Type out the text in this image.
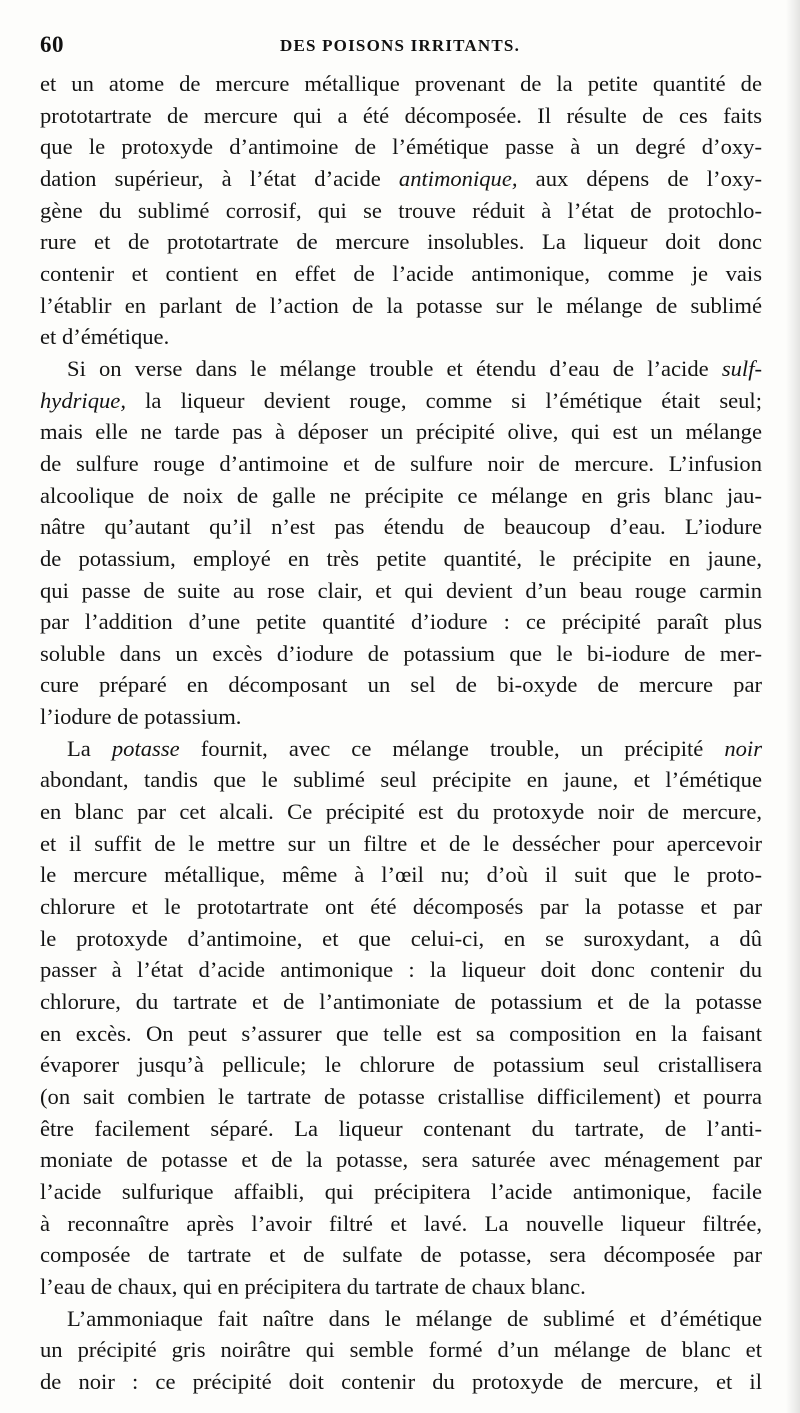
60	DES POISONS IRRITANTS.

et un atome de mercure métallique provenant de la petite quantité de
prototartrate de mercure qui a été décomposée. Il résulte de ces faits
que le protoxyde d’antimoine de l’émétique passe à un degré d’oxy-
dation supérieur, à l’état d’acide antimonique, aux dépens de l’oxy-
gène du sublimé corrosif, qui se trouve réduit à l’état de protochlo-
rure et de prototartrate de mercure insolubles. La liqueur doit donc
contenir et contient en effet de l’acide antimonique, comme je vais
l’établir en parlant de l’action de la potasse sur le mélange de sublimé
et d’émétique.

Si on verse dans le mélange trouble et étendu d’eau de l’acide sulf-
hydrique, la liqueur devient rouge, comme si l’émétique était seul;
mais elle ne tarde pas à déposer un précipité olive, qui est un mélange
de sulfure rouge d’antimoine et de sulfure noir de mercure. L’infusion
alcoolique de noix de galle ne précipite ce mélange en gris blanc jau-
nâtre qu’autant qu’il n’est pas étendu de beaucoup d’eau. L’iodure
de potassium, employé en très petite quantité, le précipite en jaune,
qui passe de suite au rose clair, et qui devient d’un beau rouge carmin
par l’addition d’une petite quantité d’iodure : ce précipité paraît plus
soluble dans un excès d’iodure de potassium que le bi-iodure de mer-
cure préparé en décomposant un sel de bi-oxyde de mercure par
l’iodure de potassium.

La potasse fournit, avec ce mélange trouble, un précipité noir
abondant, tandis que le sublimé seul précipite en jaune, et l’émétique
en blanc par cet alcali. Ce précipité est du protoxyde noir de mercure,
et il suffit de le mettre sur un filtre et de le dessécher pour apercevoir
le mercure métallique, même à l’œil nu; d’où il suit que le proto-
chlorure et le prototartrate ont été décomposés par la potasse et par
le protoxyde d’antimoine, et que celui-ci, en se suroxydant, a dû
passer à l’état d’acide antimonique : la liqueur doit donc contenir du
chlorure, du tartrate et de l’antimoniate de potassium et de la potasse
en excès. On peut s’assurer que telle est sa composition en la faisant
évaporer jusqu’à pellicule; le chlorure de potassium seul cristallisera
(on sait combien le tartrate de potasse cristallise difficilement) et pourra
être facilement séparé. La liqueur contenant du tartrate, de l’anti-
moniate de potasse et de la potasse, sera saturée avec ménagement par
l’acide sulfurique affaibli, qui précipitera l’acide antimonique, facile
à reconnaître après l’avoir filtré et lavé. La nouvelle liqueur filtrée,
composée de tartrate et de sulfate de potasse, sera décomposée par
l’eau de chaux, qui en précipitera du tartrate de chaux blanc.

L’ammoniaque fait naître dans le mélange de sublimé et d’émétique
un précipité gris noirâtre qui semble formé d’un mélange de blanc et
de noir : ce précipité doit contenir du protoxyde de mercure, et il
